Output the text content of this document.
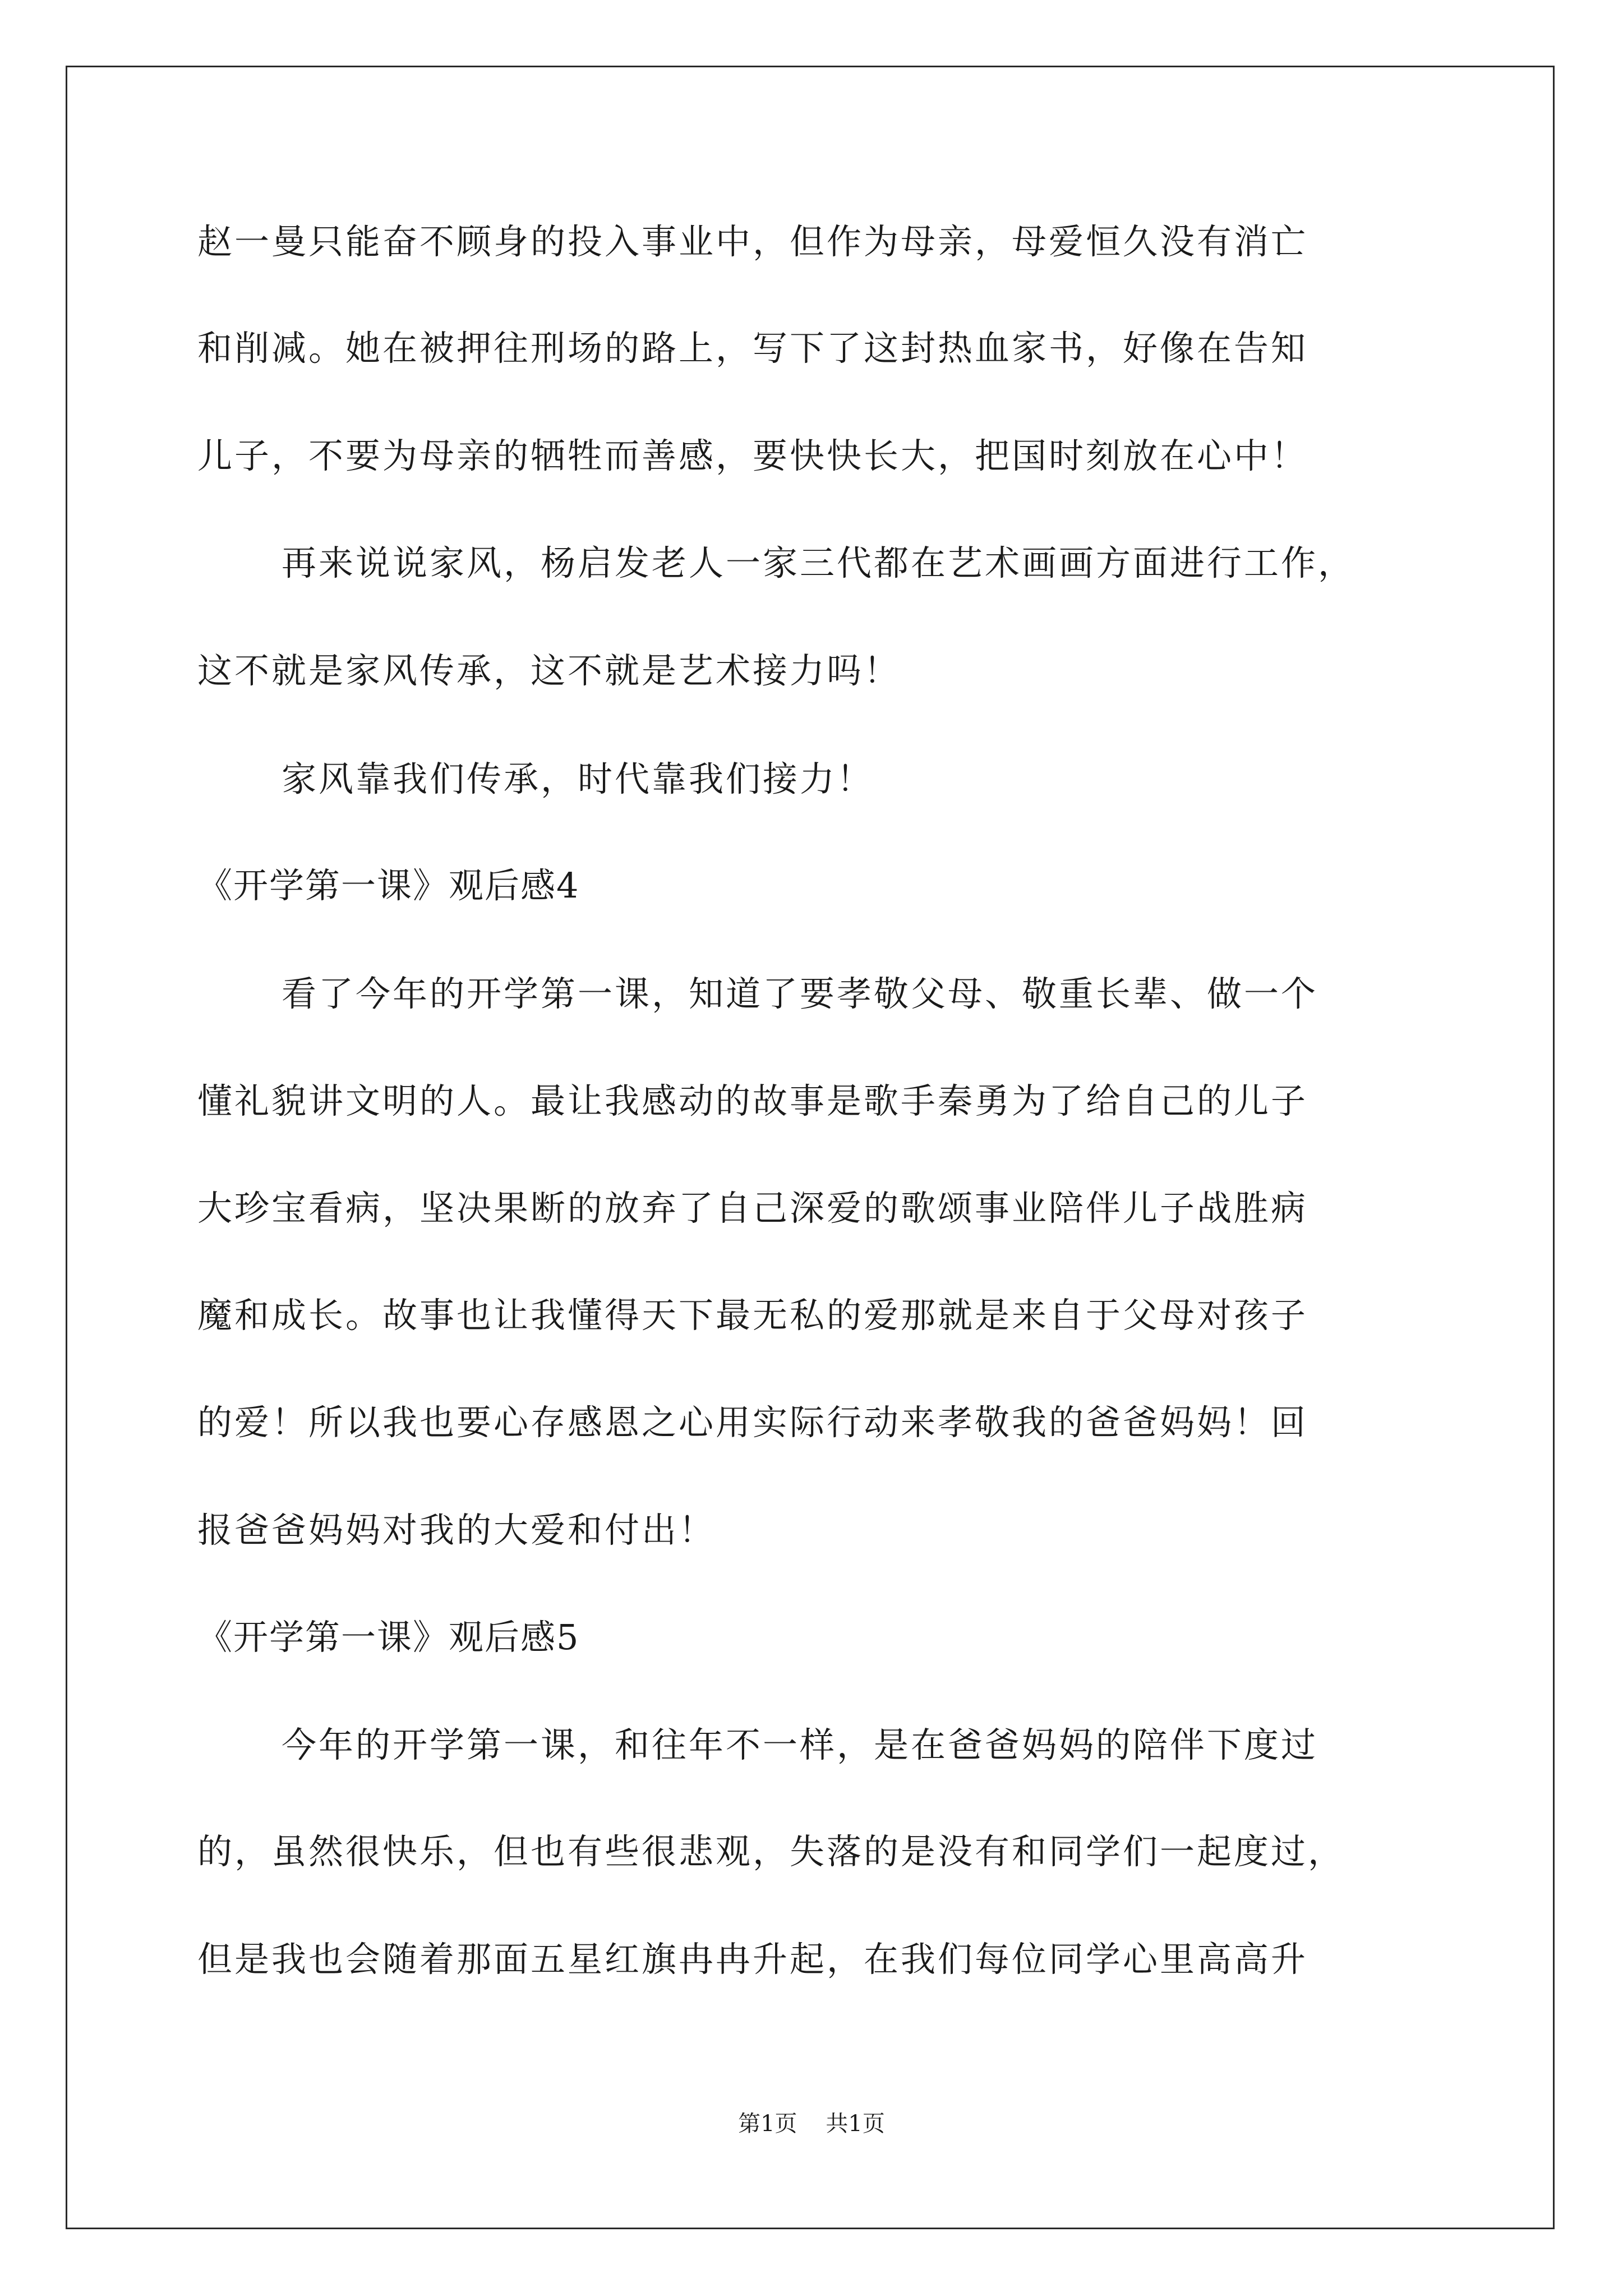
赵一曼只能奋不顾身的投入事业中，但作为母亲，母爱恒久没有消亡

和削减。她在被押往刑场的路上，写下了这封热血家书，好像在告知

儿子，不要为母亲的牺牲而善感，要快快长大，把国时刻放在心中！

再来说说家风，杨启发老人一家三代都在艺术画画方面进行工作，

这不就是家风传承，这不就是艺术接力吗！

家风靠我们传承，时代靠我们接力！

《开学第一课》观后感4

看了今年的开学第一课，知道了要孝敬父母、敬重长辈、做一个

懂礼貌讲文明的人。最让我感动的故事是歌手秦勇为了给自己的儿子

大珍宝看病，坚决果断的放弃了自己深爱的歌颂事业陪伴儿子战胜病

魔和成长。故事也让我懂得天下最无私的爱那就是来自于父母对孩子

的爱！所以我也要心存感恩之心用实际行动来孝敬我的爸爸妈妈！回

报爸爸妈妈对我的大爱和付出！

《开学第一课》观后感5

今年的开学第一课，和往年不一样，是在爸爸妈妈的陪伴下度过

的，虽然很快乐，但也有些很悲观，失落的是没有和同学们一起度过，

但是我也会随着那面五星红旗冉冉升起，在我们每位同学心里高高升

第1页    共1页
